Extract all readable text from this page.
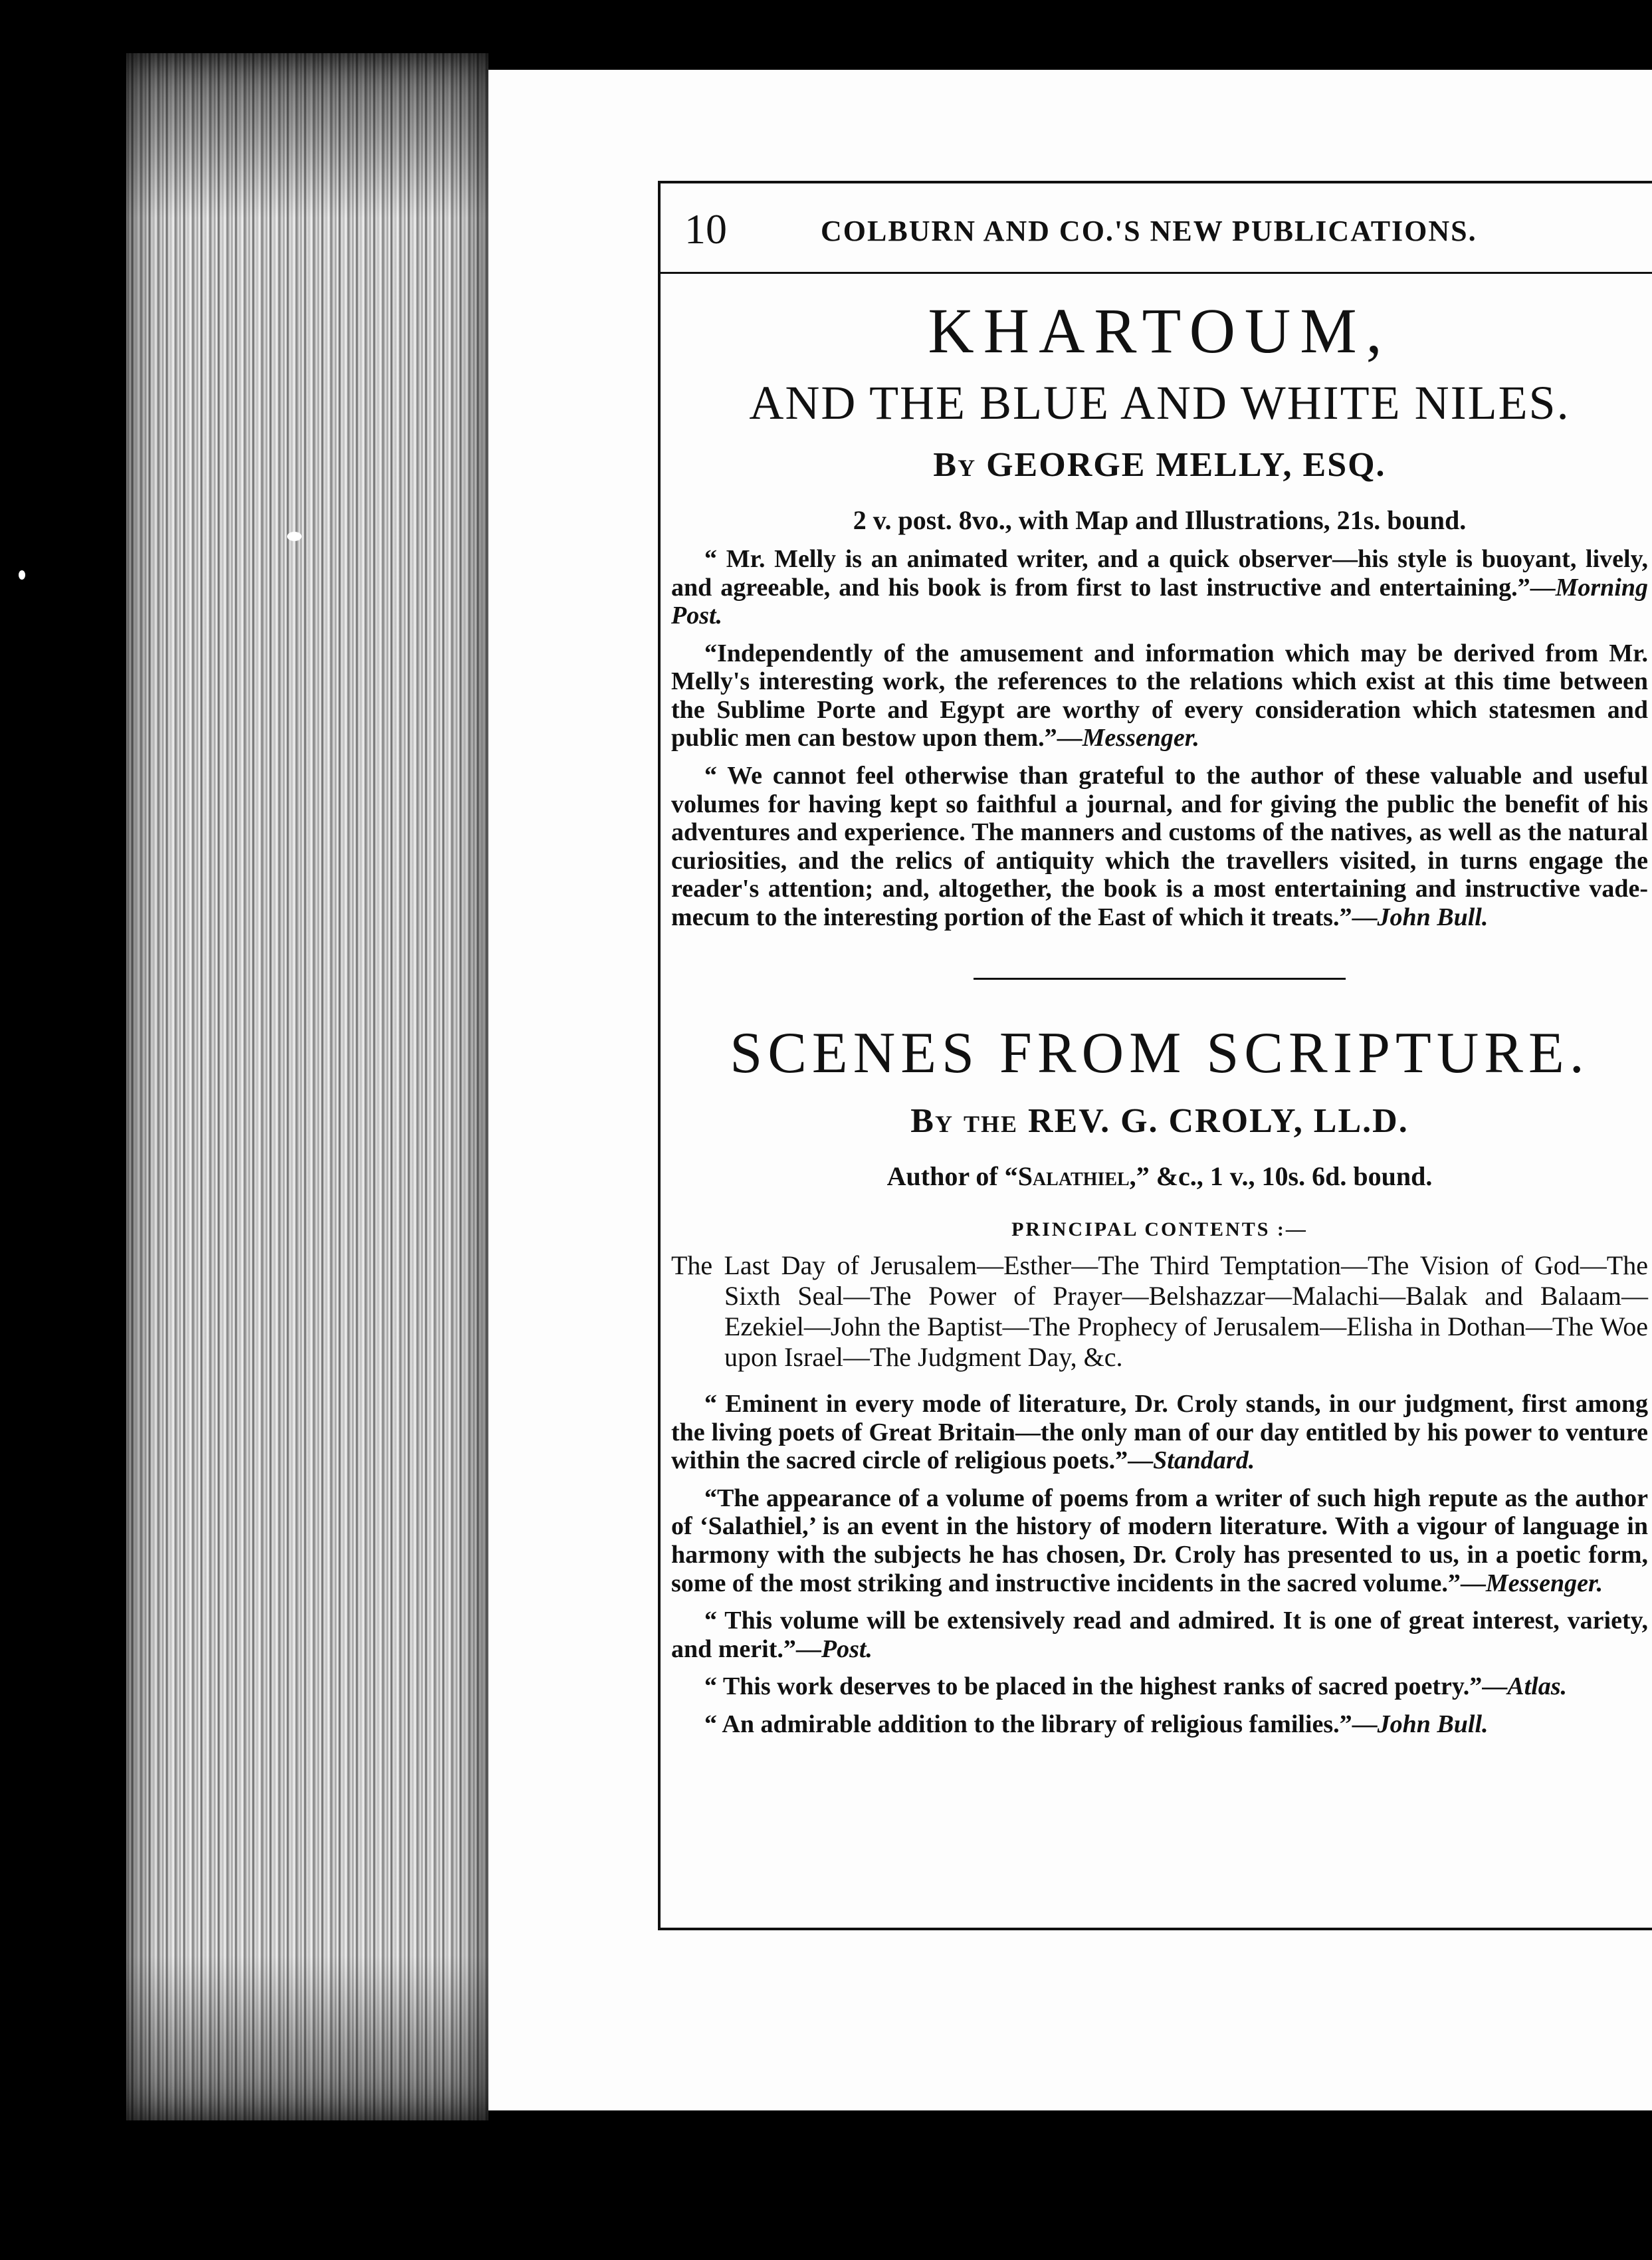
10	COLBURN AND CO.'S NEW PUBLICATIONS.
KHARTOUM,
AND THE BLUE AND WHITE NILES.
By GEORGE MELLY, ESQ.
2 v. post. 8vo., with Map and Illustrations, 21s. bound.

“ Mr. Melly is an animated writer, and a quick observer—his style is buoyant, lively, and agreeable, and his book is from first to last instructive and entertaining.”—Morning Post.

“Independently of the amusement and information which may be derived from Mr. Melly's interesting work, the references to the relations which exist at this time between the Sublime Porte and Egypt are worthy of every consideration which statesmen and public men can bestow upon them.”—Messenger.

“ We cannot feel otherwise than grateful to the author of these valuable and useful volumes for having kept so faithful a journal, and for giving the public the benefit of his adventures and experience. The manners and customs of the natives, as well as the natural curiosities, and the relics of antiquity which the travellers visited, in turns engage the reader's attention; and, altogether, the book is a most entertaining and instructive vade-mecum to the interesting portion of the East of which it treats.”—John Bull.

SCENES FROM SCRIPTURE.
By the REV. G. CROLY, LL.D.
Author of “Salathiel,” &c., 1 v., 10s. 6d. bound.
PRINCIPAL CONTENTS :—
The Last Day of Jerusalem—Esther—The Third Temptation—The Vision of God—The Sixth Seal—The Power of Prayer—Belshazzar—Malachi—Balak and Balaam—Ezekiel—John the Baptist—The Prophecy of Jerusalem—Elisha in Dothan—The Woe upon Israel—The Judgment Day, &c.

“ Eminent in every mode of literature, Dr. Croly stands, in our judgment, first among the living poets of Great Britain—the only man of our day entitled by his power to venture within the sacred circle of religious poets.”—Standard.

“The appearance of a volume of poems from a writer of such high repute as the author of ‘Salathiel,’ is an event in the history of modern literature. With a vigour of language in harmony with the subjects he has chosen, Dr. Croly has presented to us, in a poetic form, some of the most striking and instructive incidents in the sacred volume.”—Messenger.

“ This volume will be extensively read and admired. It is one of great interest, variety, and merit.”—Post.

“ This work deserves to be placed in the highest ranks of sacred poetry.”—Atlas.

“ An admirable addition to the library of religious families.”—John Bull.
